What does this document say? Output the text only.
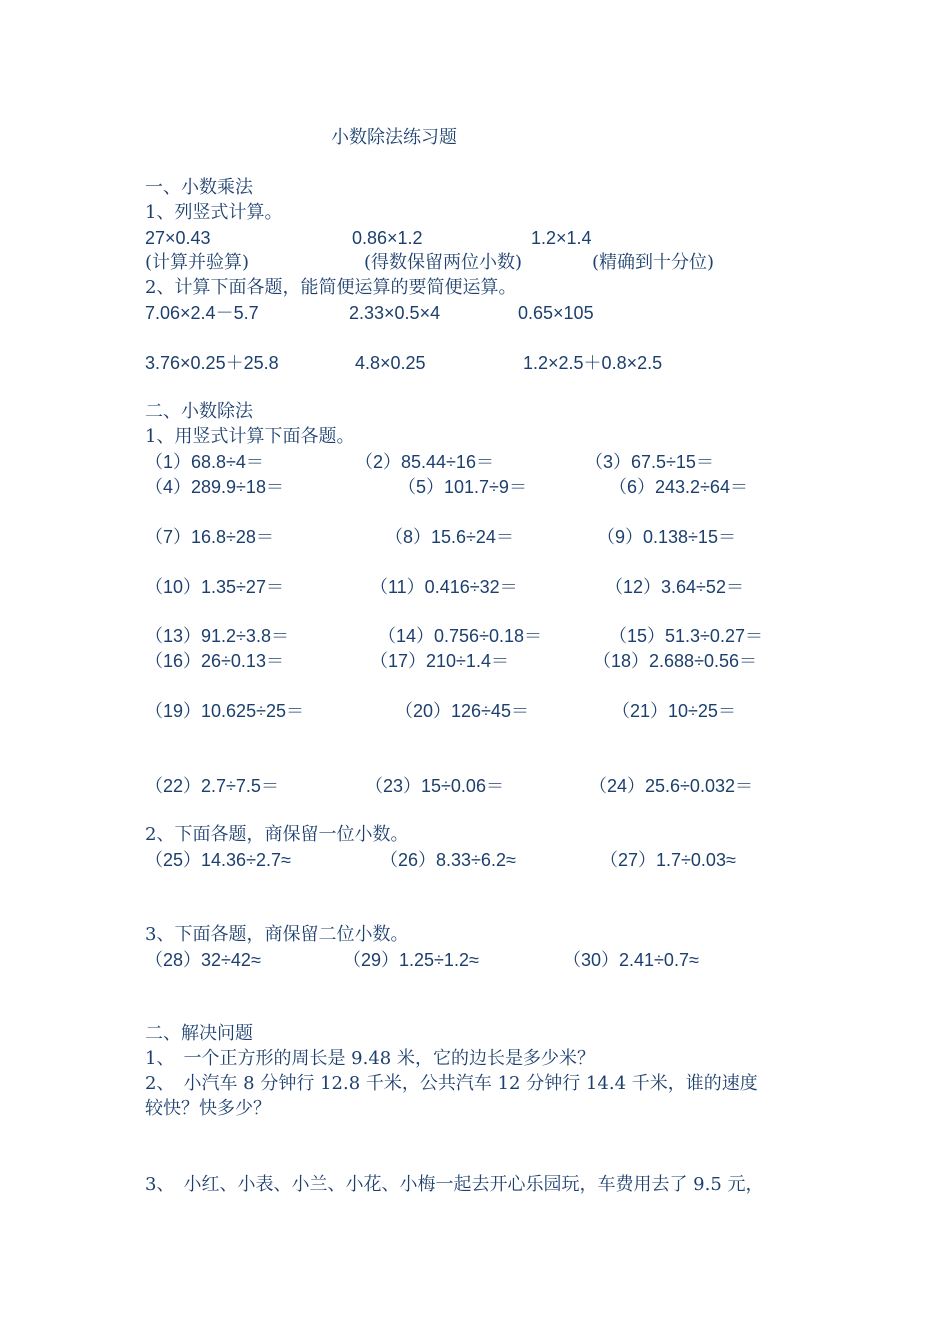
小数除法练习题
一、小数乘法
1、列竖式计算。
27×0.43	0.86×1.2	1.2×1.4
(计算并验算)	(得数保留两位小数)	(精确到十分位)
2、计算下面各题，能简便运算的要简便运算。
7.06×2.4－5.7	2.33×0.5×4	0.65×105
3.76×0.25＋25.8	4.8×0.25	1.2×2.5＋0.8×2.5
二、小数除法
1、用竖式计算下面各题。
（1）68.8÷4＝	（2）85.44÷16＝	（3）67.5÷15＝
（4）289.9÷18＝	（5）101.7÷9＝	（6）243.2÷64＝
（7）16.8÷28＝	（8）15.6÷24＝	（9）0.138÷15＝
（10）1.35÷27＝	（11）0.416÷32＝	（12）3.64÷52＝
（13）91.2÷3.8＝	（14）0.756÷0.18＝	（15）51.3÷0.27＝
（16）26÷0.13＝	（17）210÷1.4＝	（18）2.688÷0.56＝
（19）10.625÷25＝	（20）126÷45＝	（21）10÷25＝
（22）2.7÷7.5＝	（23）15÷0.06＝	（24）25.6÷0.032＝
2、下面各题，商保留一位小数。
（25）14.36÷2.7≈	（26）8.33÷6.2≈	（27）1.7÷0.03≈
3、下面各题，商保留二位小数。
（28）32÷42≈	（29）1.25÷1.2≈	（30）2.41÷0.7≈
二、解决问题
1、　一个正方形的周长是 9.48 米，它的边长是多少米？
2、　小汽车 8 分钟行 12.8 千米，公共汽车 12 分钟行 14.4 千米，谁的速度
较快？快多少？
3、　小红、小表、小兰、小花、小梅一起去开心乐园玩，车费用去了 9.5 元，
